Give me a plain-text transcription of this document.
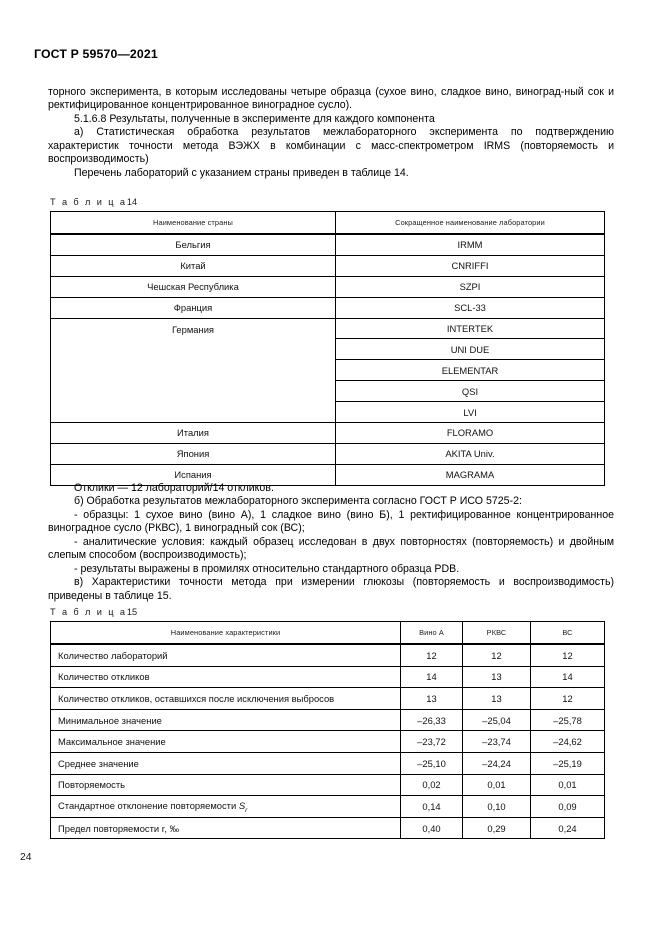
ГОСТ Р 59570—2021

торного эксперимента, в которым исследованы четыре образца (сухое вино, сладкое вино, виноград-ный сок и ректифицированное концентрированное виноградное сусло).

5.1.6.8 Результаты, полученные в эксперименте для каждого компонента

а) Статистическая обработка результатов межлабораторного эксперимента по подтверждению характеристик точности метода ВЭЖХ в комбинации с масс-спектрометром IRMS (повторяемость и воспроизводимость)

Перечень лабораторий с указанием страны приведен в таблице 14.

Т а б л и ц а14
Наименование страны	Сокращенное наименование лаборатории
Бельгия	IRMM
Китай	CNRIFFI
Чешская Республика	SZPI
Франция	SCL-33
Германия	INTERTEK
	UNI DUE
	ELEMENTAR
	QSI
	LVI
Италия	FLORAMO
Япония	AKITA Univ.
Испания	MAGRAMA

Отклики — 12 лабораторий/14 откликов.

б) Обработка результатов межлабораторного эксперимента согласно ГОСТ Р ИСО 5725-2:

- образцы: 1 сухое вино (вино А), 1 сладкое вино (вино Б), 1 ректифицированное концентрированное виноградное сусло (РКВС), 1 виноградный сок (ВС);

- аналитические условия: каждый образец исследован в двух повторностях (повторяемость) и двойным слепым способом (воспроизводимость);

- результаты выражены в промилях относительно стандартного образца PDB.

в) Характеристики точности метода при измерении глюкозы (повторяемость и воспроизводимость) приведены в таблице 15.

Т а б л и ц а15
Наименование характеристики	Вино А	РКВС	ВС
Количество лабораторий	12	12	12
Количество откликов	14	13	14
Количество откликов, оставшихся после исключения выбросов	13	13	12
Минимальное значение	–26,33	–25,04	–25,78
Максимальное значение	–23,72	–23,74	–24,62
Среднее значение	–25,10	–24,24	–25,19
Повторяемость	0,02	0,01	0,01
Стандартное отклонение повторяемости $S_r$	0,14	0,10	0,09
Предел повторяемости r, ‰	0,40	0,29	0,24
24
